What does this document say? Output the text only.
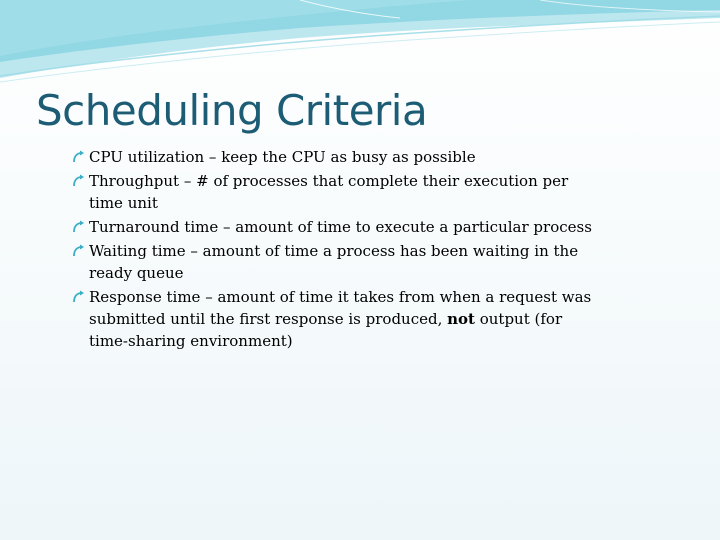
Scheduling Criteria
CPU utilization – keep the CPU as busy as possible
Throughput – # of processes that complete their execution per time unit
Turnaround time – amount of time to execute a particular process
Waiting time – amount of time a process has been waiting in the ready queue
Response time – amount of time it takes from when a request was submitted until the first response is produced, not output (for time-sharing environment)
